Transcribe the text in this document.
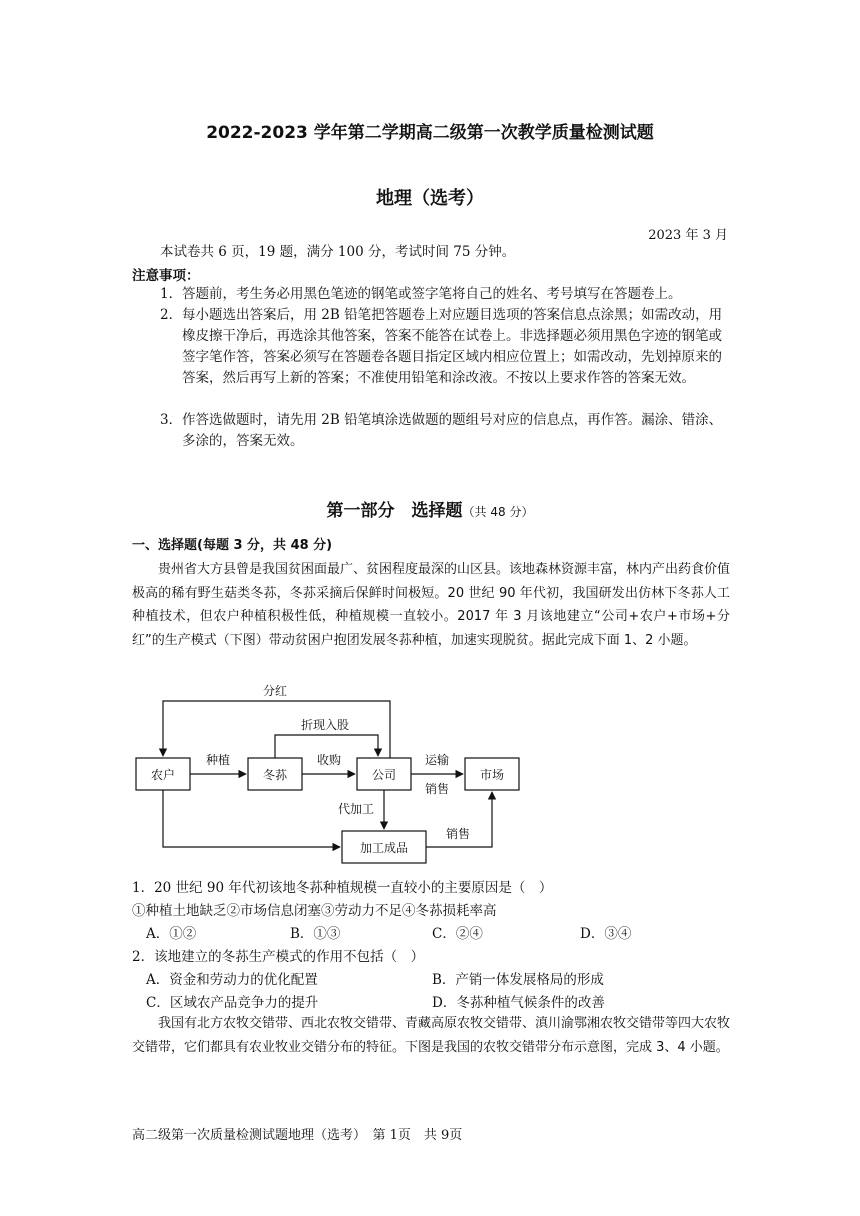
2022-2023 学年第二学期高二级第一次教学质量检测试题
地理（选考）
2023 年 3 月
本试卷共 6 页，19 题，满分 100 分，考试时间 75 分钟。
注意事项：
1． 答题前，考生务必用黑色笔迹的钢笔或签字笔将自己的姓名、考号填写在答题卷上。
2． 每小题选出答案后，用 2B 铅笔把答题卷上对应题目选项的答案信息点涂黑；如需改动，用橡皮擦干净后，再选涂其他答案，答案不能答在试卷上。非选择题必须用黑色字迹的钢笔或签字笔作答，答案必须写在答题卷各题目指定区域内相应位置上；如需改动，先划掉原来的答案，然后再写上新的答案；不准使用铅笔和涂改液。不按以上要求作答的答案无效。
3． 作答选做题时，请先用 2B 铅笔填涂选做题的题组号对应的信息点，再作答。漏涂、错涂、多涂的，答案无效。
第一部分　选择题（共 48 分）
一、选择题(每题 3 分，共 48 分)
贵州省大方县曾是我国贫困面最广、贫困程度最深的山区县。该地森林资源丰富，林内产出药食价值极高的稀有野生菇类冬荪，冬荪采摘后保鲜时间极短。20 世纪 90 年代初，我国研发出仿林下冬荪人工种植技术，但农户种植积极性低，种植规模一直较小。2017 年 3 月该地建立“公司+农户+市场+分红”的生产模式（下图）带动贫困户抱团发展冬荪种植，加速实现脱贫。据此完成下面 1、2 小题。
农户	冬荪	公司	市场
加工成品
分红
折现入股
种植	收购	运输
销售
代加工
销售
1．20 世纪 90 年代初该地冬荪种植规模一直较小的主要原因是（　）
①种植土地缺乏②市场信息闭塞③劳动力不足④冬荪损耗率高
A．①②	B．①③	C．②④	D．③④
2．该地建立的冬荪生产模式的作用不包括（　）
A．资金和劳动力的优化配置	B．产销一体发展格局的形成
C．区域农产品竞争力的提升	D．冬荪种植气候条件的改善
我国有北方农牧交错带、西北农牧交错带、青藏高原农牧交错带、滇川渝鄂湘农牧交错带等四大农牧交错带，它们都具有农业牧业交错分布的特征。下图是我国的农牧交错带分布示意图，完成 3、4 小题。
高二级第一次质量检测试题地理（选考）　第 1页　共 9页
